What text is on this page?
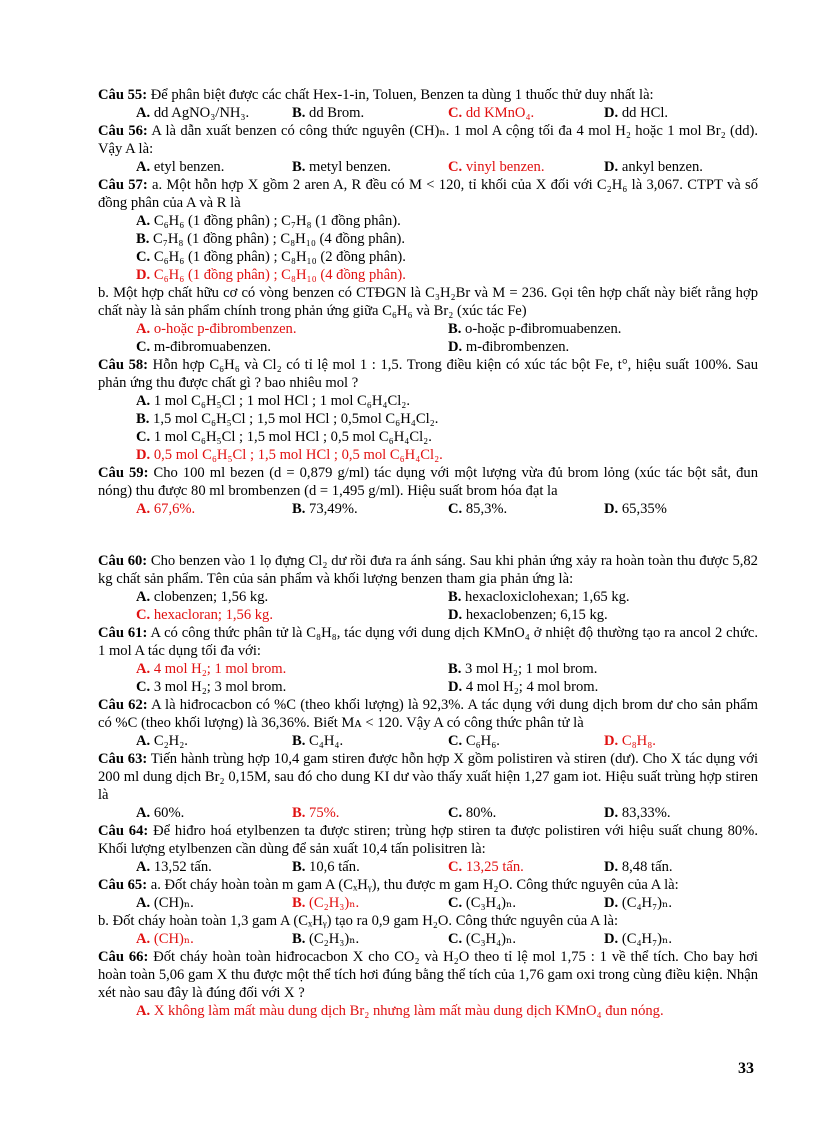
Câu 55: Để phân biệt được các chất Hex-1-in, Toluen, Benzen ta dùng 1 thuốc thử duy nhất là:
A. dd AgNO₃/NH₃.	B. dd Brom.	C. dd KMnO₄.	D. dd HCl.
Câu 56: A là dẫn xuất benzen có công thức nguyên (CH)ₙ. 1 mol A cộng tối đa 4 mol H₂ hoặc 1 mol Br₂ (dd). Vậy A là:
A. etyl benzen.	B. metyl benzen.	C. vinyl benzen.	D. ankyl benzen.
Câu 57: a. Một hỗn hợp X gồm 2 aren A, R đều có M < 120, tỉ khối của X đối với C₂H₆ là 3,067. CTPT và số đồng phân của A và R là
A. C₆H₆ (1 đồng phân) ; C₇H₈ (1 đồng phân).
B. C₇H₈ (1 đồng phân) ; C₈H₁₀ (4 đồng phân).
C. C₆H₆ (1 đồng phân) ; C₈H₁₀ (2 đồng phân).
D. C₆H₆ (1 đồng phân) ; C₈H₁₀ (4 đồng phân).
b. Một hợp chất hữu cơ có vòng benzen có CTĐGN là C₃H₂Br và M = 236. Gọi tên hợp chất này biết rằng hợp chất này là sản phẩm chính trong phản ứng giữa C₆H₆ và Br₂ (xúc tác Fe)
A. o-hoặc p-đibrombenzen.	B. o-hoặc p-đibromuabenzen.
C. m-đibromuabenzen.	D. m-đibrombenzen.
Câu 58: Hỗn hợp C₆H₆ và Cl₂ có tỉ lệ mol 1 : 1,5. Trong điều kiện có xúc tác bột Fe, t°, hiệu suất 100%. Sau phản ứng thu được chất gì ? bao nhiêu mol ?
A. 1 mol C₆H₅Cl ; 1 mol HCl ; 1 mol C₆H₄Cl₂.
B. 1,5 mol C₆H₅Cl ; 1,5 mol HCl ; 0,5mol C₆H₄Cl₂.
C. 1 mol C₆H₅Cl ; 1,5 mol HCl ; 0,5 mol C₆H₄Cl₂.
D. 0,5 mol C₆H₅Cl ; 1,5 mol HCl ; 0,5 mol C₆H₄Cl₂.
Câu 59: Cho 100 ml bezen (d = 0,879 g/ml) tác dụng với một lượng vừa đủ brom lỏng (xúc tác bột sắt, đun nóng) thu được 80 ml brombenzen (d = 1,495 g/ml). Hiệu suất brom hóa đạt la
A. 67,6%.	B. 73,49%.	C. 85,3%.	D. 65,35%
Câu 60: Cho benzen vào 1 lọ đựng Cl₂ dư rồi đưa ra ánh sáng. Sau khi phản ứng xảy ra hoàn toàn thu được 5,82 kg chất sản phẩm. Tên của sản phẩm và khối lượng benzen tham gia phản ứng là:
A. clobenzen; 1,56 kg.	B. hexacloxiclohexan; 1,65 kg.
C. hexacloran; 1,56 kg.	D. hexaclobenzen; 6,15 kg.
Câu 61: A có công thức phân tử là C₈H₈, tác dụng với dung dịch KMnO₄ ở nhiệt độ thường tạo ra ancol 2 chức. 1 mol A tác dụng tối đa với:
A. 4 mol H₂; 1 mol brom.	B. 3 mol H₂; 1 mol brom.
C. 3 mol H₂; 3 mol brom.	D. 4 mol H₂; 4 mol brom.
Câu 62: A là hiđrocacbon có %C (theo khối lượng) là 92,3%. A tác dụng với dung dịch brom dư cho sản phẩm có %C (theo khối lượng) là 36,36%. Biết Mᴀ < 120. Vậy A có công thức phân tử là
A. C₂H₂.	B. C₄H₄.	C. C₆H₆.	D. C₈H₈.
Câu 63: Tiến hành trùng hợp 10,4 gam stiren được hỗn hợp X gồm polistiren và stiren (dư). Cho X tác dụng với 200 ml dung dịch Br₂ 0,15M, sau đó cho dung KI dư vào thấy xuất hiện 1,27 gam iot. Hiệu suất trùng hợp stiren là
A. 60%.	B. 75%.	C. 80%.	D. 83,33%.
Câu 64: Để hiđro hoá etylbenzen ta được stiren; trùng hợp stiren ta được polistiren với hiệu suất chung 80%. Khối lượng etylbenzen cần dùng để sản xuất 10,4 tấn polisitren là:
A. 13,52 tấn.	B. 10,6 tấn.	C. 13,25 tấn.	D. 8,48 tấn.
Câu 65: a. Đốt cháy hoàn toàn m gam A (CₓHᵧ), thu được m gam H₂O. Công thức nguyên của A là:
A. (CH)ₙ.	B. (C₂H₃)ₙ.	C. (C₃H₄)ₙ.	D. (C₄H₇)ₙ.
b. Đốt cháy hoàn toàn 1,3 gam A (CₓHᵧ) tạo ra 0,9 gam H₂O. Công thức nguyên của A là:
A. (CH)ₙ.	B. (C₂H₃)ₙ.	C. (C₃H₄)ₙ.	D. (C₄H₇)ₙ.
Câu 66: Đốt cháy hoàn toàn hiđrocacbon X cho CO₂ và H₂O theo tỉ lệ mol 1,75 : 1 về thể tích. Cho bay hơi hoàn toàn 5,06 gam X thu được một thể tích hơi đúng bằng thể tích của 1,76 gam oxi trong cùng điều kiện. Nhận xét nào sau đây là đúng đối với X ?
A. X không làm mất màu dung dịch Br₂ nhưng làm mất màu dung dịch KMnO₄ đun nóng.
33
